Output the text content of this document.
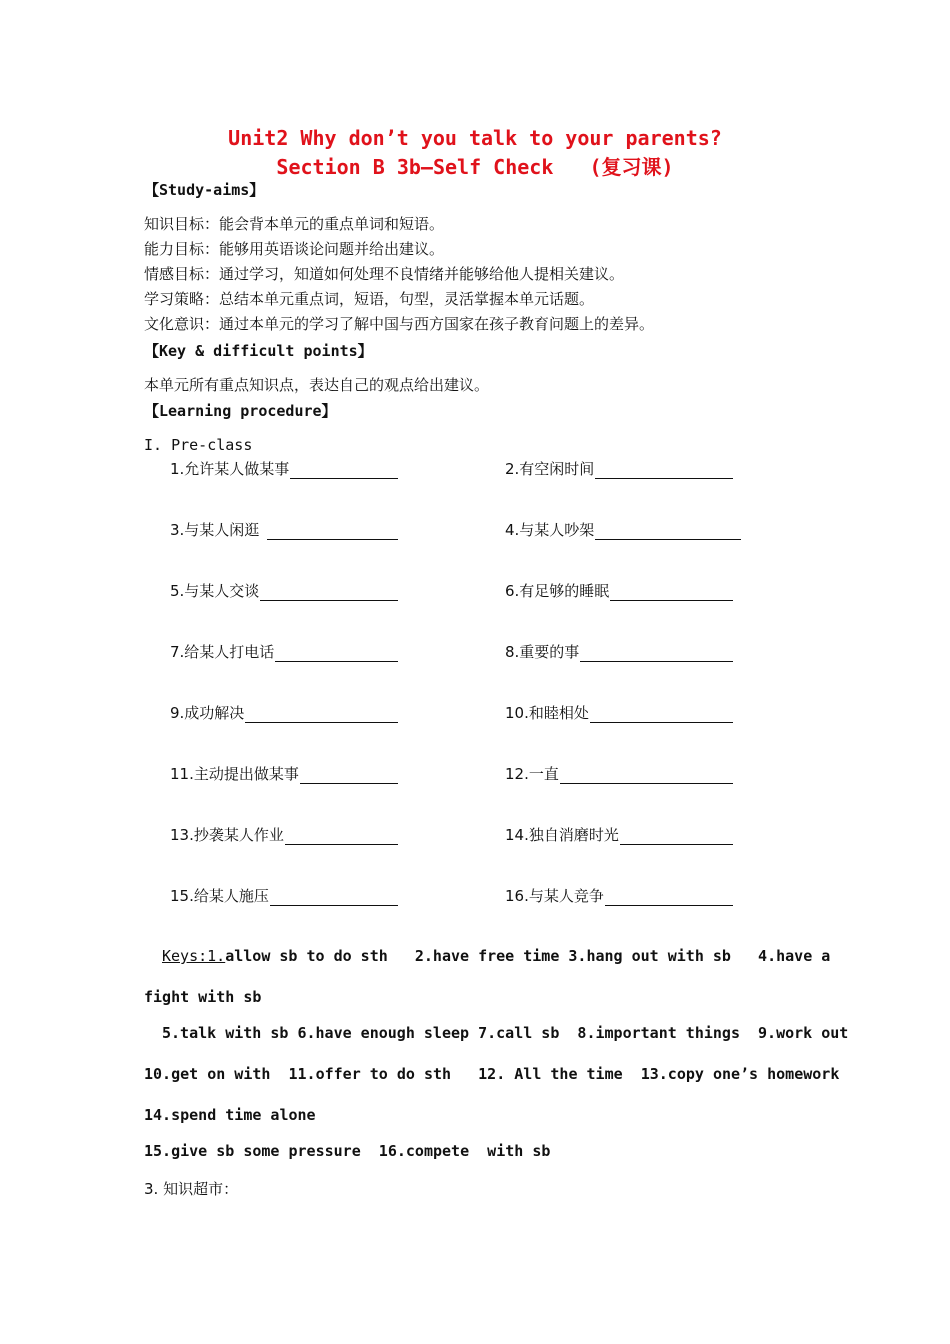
Unit2 Why don’t you talk to your parents?
Section B 3b—Self Check   (复习课)
【Study-aims】
知识目标：能会背本单元的重点单词和短语。
能力目标：能够用英语谈论问题并给出建议。
情感目标：通过学习，知道如何处理不良情绪并能够给他人提相关建议。
学习策略：总结本单元重点词，短语，句型，灵活掌握本单元话题。
文化意识：通过本单元的学习了解中国与西方国家在孩子教育问题上的差异。
【Key & difficult points】
本单元所有重点知识点，表达自己的观点给出建议。
【Learning procedure】
I. Pre-class
1.允许某人做某事	2.有空闲时间
3.与某人闲逛	4.与某人吵架
5.与某人交谈	6.有足够的睡眠
7.给某人打电话	8.重要的事
9.成功解决	10.和睦相处
11.主动提出做某事	12.一直
13.抄袭某人作业	14.独自消磨时光
15.给某人施压	16.与某人竞争
Keys:1.allow sb to do sth   2.have free time 3.hang out with sb   4.have a
fight with sb
5.talk with sb 6.have enough sleep 7.call sb  8.important things  9.work out
10.get on with  11.offer to do sth   12. All the time  13.copy one’s homework
14.spend time alone
15.give sb some pressure  16.compete  with sb
3. 知识超市：
